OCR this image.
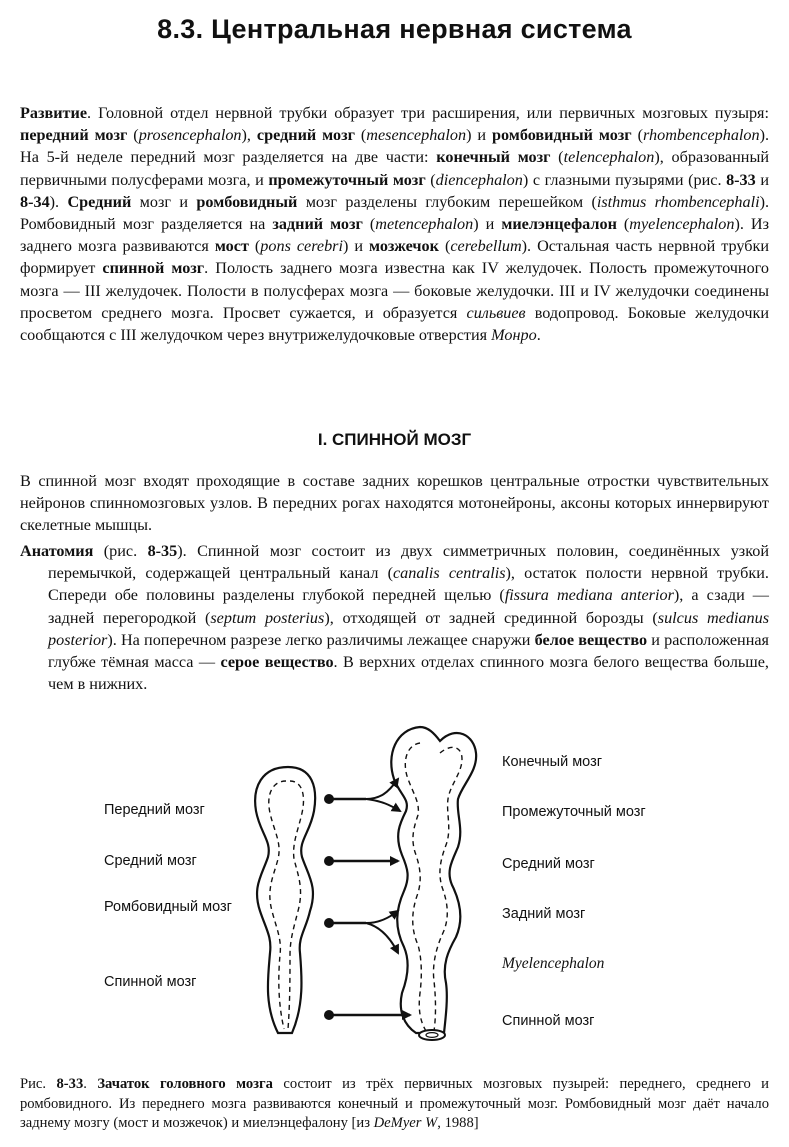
8.3. Центральная нервная система

Развитие. Головной отдел нервной трубки образует три расширения, или первичных мозговых пузыря: передний мозг (prosencephalon), средний мозг (mesencephalon) и ромбовидный мозг (rhombencephalon). На 5-й неделе передний мозг разделяется на две части: конечный мозг (telencephalon), образованный первичными полусферами мозга, и промежуточный мозг (diencephalon) с глазными пузырями (рис. 8-33 и 8-34). Средний мозг и ромбовидный мозг разделены глубоким перешейком (isthmus rhombencephali). Ромбовидный мозг разделяется на задний мозг (metencephalon) и миелэнцефалон (myelencephalon). Из заднего мозга развиваются мост (pons cerebri) и мозжечок (cerebellum). Остальная часть нервной трубки формирует спинной мозг. Полость заднего мозга известна как IV желудочек. Полость промежуточного мозга — III желудочек. Полости в полусферах мозга — боковые желудочки. III и IV желудочки соединены просветом среднего мозга. Просвет сужается, и образуется сильвиев водопровод. Боковые желудочки сообщаются с III желудочком через внутрижелудочковые отверстия Монро.

I. СПИННОЙ МОЗГ

В спинной мозг входят проходящие в составе задних корешков центральные отростки чувствительных нейронов спинномозговых узлов. В передних рогах находятся мотонейроны, аксоны которых иннервируют скелетные мышцы.

Анатомия (рис. 8-35). Спинной мозг состоит из двух симметричных половин, соединённых узкой перемычкой, содержащей центральный канал (canalis centralis), остаток полости нервной трубки. Спереди обе половины разделены глубокой передней щелью (fissura mediana anterior), а сзади — задней перегородкой (septum posterius), отходящей от задней срединной борозды (sulcus medianus posterior). На поперечном разрезе легко различимы лежащее снаружи белое вещество и расположенная глубже тёмная масса — серое вещество. В верхних отделах спинного мозга белого вещества больше, чем в нижних.

Передний мозг
Средний мозг
Ромбовидный мозг
Спинной мозг
Конечный мозг
Промежуточный мозг
Средний мозг
Задний мозг
Myelencephalon
Спинной мозг
Рис. 8-33. Зачаток головного мозга состоит из трёх первичных мозговых пузырей: переднего, среднего и ромбовидного. Из переднего мозга развиваются конечный и промежуточный мозг. Ромбовидный мозг даёт начало заднему мозгу (мост и мозжечок) и миелэнцефалону [из DeMyer W, 1988]
